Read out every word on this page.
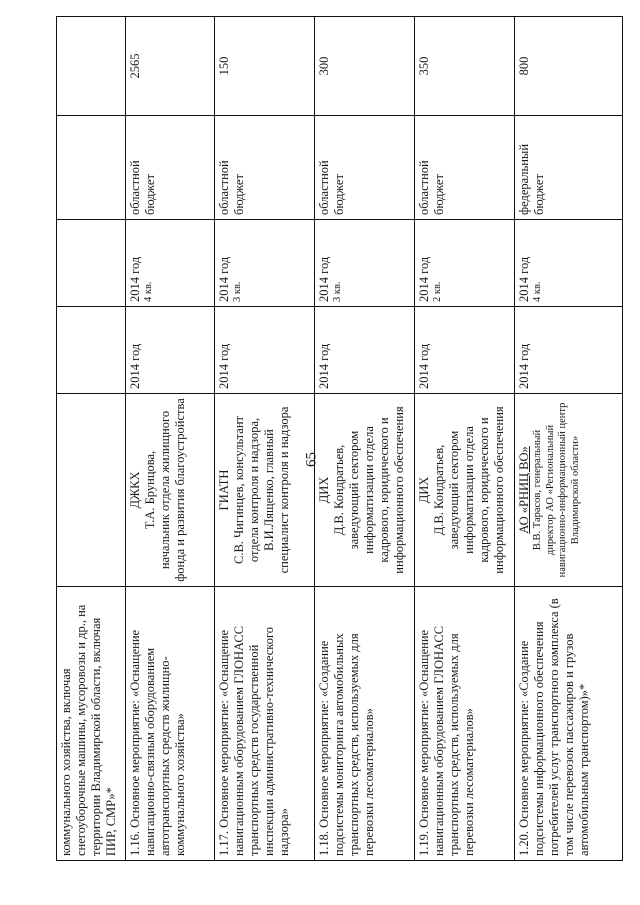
65
коммунального хозяйства, включая снегоуборочные машины, мусоровозы и др., на территории Владимирской области, включая ПИР, СМР»*	

1.16. Основное мероприятие: «Оснащение навигационно-связным оборудованием автотранспортных средств жилищно-коммунального хозяйства»	ДЖКХ Т.А. Брунцова, начальник отдела жилищного фонда и развития благоустройства	2014 год	2014 год 4 кв.	областной бюджет	2565
1.17. Основное мероприятие: «Оснащение навигационным оборудованием ГЛОНАСС транспортных средств государственной инспекции административно-технического надзора»	ГИАТН С.В. Чигинцев, консультант отдела контроля и надзора, В.И.Лященко, главный специалист контроля и надзора	2014 год	2014 год 3 кв.	областной бюджет	150
1.18. Основное мероприятие: «Создание подсистемы мониторинга автомобильных транспортных средств, используемых для перевозки лесоматериалов»	ДИХ Д.В. Кондратьев, заведующий сектором информатизации отдела кадрового, юридического и информационного обеспечения	2014 год	2014 год 3 кв.	областной бюджет	300
1.19. Основное мероприятие: «Оснащение навигационным оборудованием ГЛОНАСС транспортных средств, используемых для перевозки лесоматериалов»	ДИХ Д.В. Кондратьев, заведующий сектором информатизации отдела кадрового, юридического и информационного обеспечения	2014 год	2014 год 2 кв.	областной бюджет	350
1.20. Основное мероприятие: «Создание подсистемы информационного обеспечения потребителей услуг транспортного комплекса (в том числе перевозок пассажиров и грузов автомобильным транспортом)»*	АО «РНИЦ ВО» В.В. Тарасов, генеральный директор АО «Региональный навигационно-информационный центр Владимирской области»	2014 год	2014 год 4 кв.	федеральный бюджет	800
